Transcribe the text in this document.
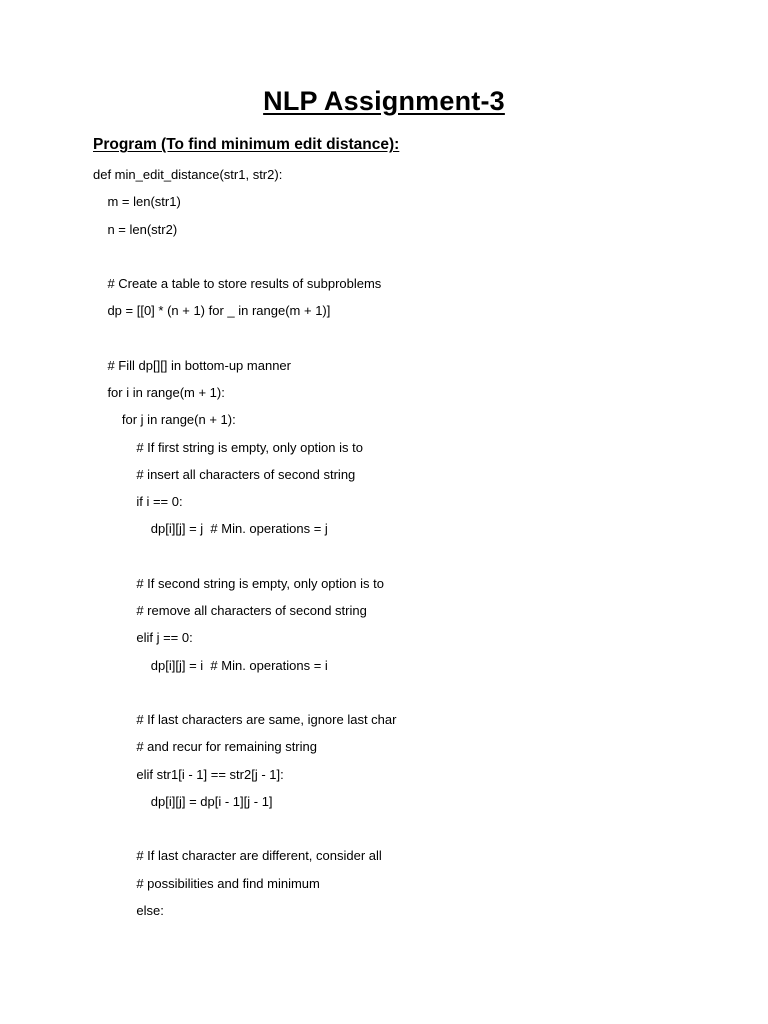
NLP Assignment-3
Program (To find minimum edit distance):
def min_edit_distance(str1, str2):
m = len(str1)
n = len(str2)
# Create a table to store results of subproblems
dp = [[0] * (n + 1) for _ in range(m + 1)]
# Fill dp[][] in bottom-up manner
for i in range(m + 1):
for j in range(n + 1):
# If first string is empty, only option is to
# insert all characters of second string
if i == 0:
dp[i][j] = j  # Min. operations = j
# If second string is empty, only option is to
# remove all characters of second string
elif j == 0:
dp[i][j] = i  # Min. operations = i
# If last characters are same, ignore last char
# and recur for remaining string
elif str1[i - 1] == str2[j - 1]:
dp[i][j] = dp[i - 1][j - 1]
# If last character are different, consider all
# possibilities and find minimum
else:
